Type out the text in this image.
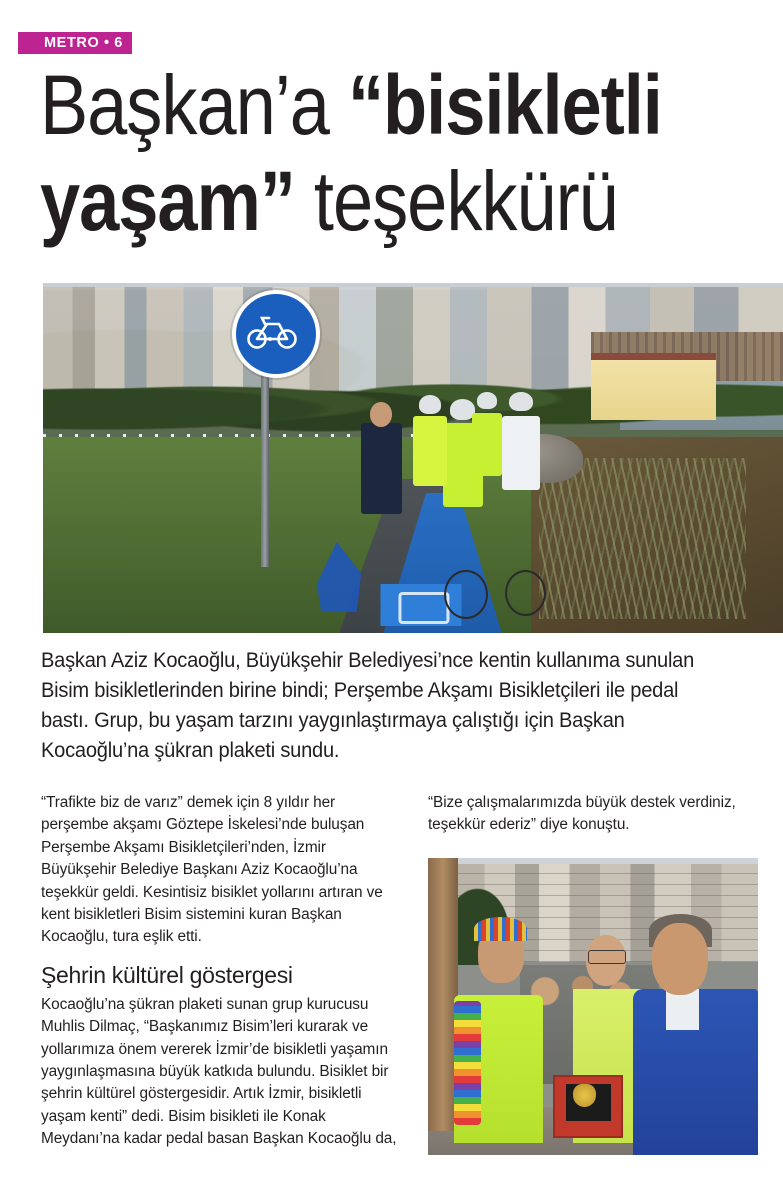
METRO • 6
Başkan’a “bisikletli
yaşam” teşekkürü
Başkan Aziz Kocaoğlu, Büyükşehir Belediyesi’nce kentin kullanıma sunulan Bisim bisikletlerinden birine bindi; Perşembe Akşamı Bisikletçileri ile pedal bastı. Grup, bu yaşam tarzını yaygınlaştırmaya çalıştığı için Başkan Kocaoğlu’na şükran plaketi sundu.

“Trafikte biz de varız” demek için 8 yıldır her perşembe akşamı Göztepe İskelesi’nde buluşan Perşembe Akşamı Bisikletçileri’nden, İzmir Büyükşehir Belediye Başkanı Aziz Kocaoğlu’na teşekkür geldi. Kesintisiz bisiklet yollarını artıran ve kent bisikletleri Bisim sistemini kuran Başkan Kocaoğlu, tura eşlik etti.

Şehrin kültürel göstergesi

Kocaoğlu’na şükran plaketi sunan grup kurucusu Muhlis Dilmaç, “Başkanımız Bisim’leri kurarak ve yollarımıza önem vererek İzmir’de bisikletli yaşamın yaygınlaşmasına büyük katkıda bulundu. Bisiklet bir şehrin kültürel göstergesidir. Artık İzmir, bisikletli yaşam kenti” dedi. Bisim bisikleti ile Konak Meydanı’na kadar pedal basan Başkan Kocaoğlu da,

“Bize çalışmalarımızda büyük destek verdiniz, teşekkür ederiz” diye konuştu.
